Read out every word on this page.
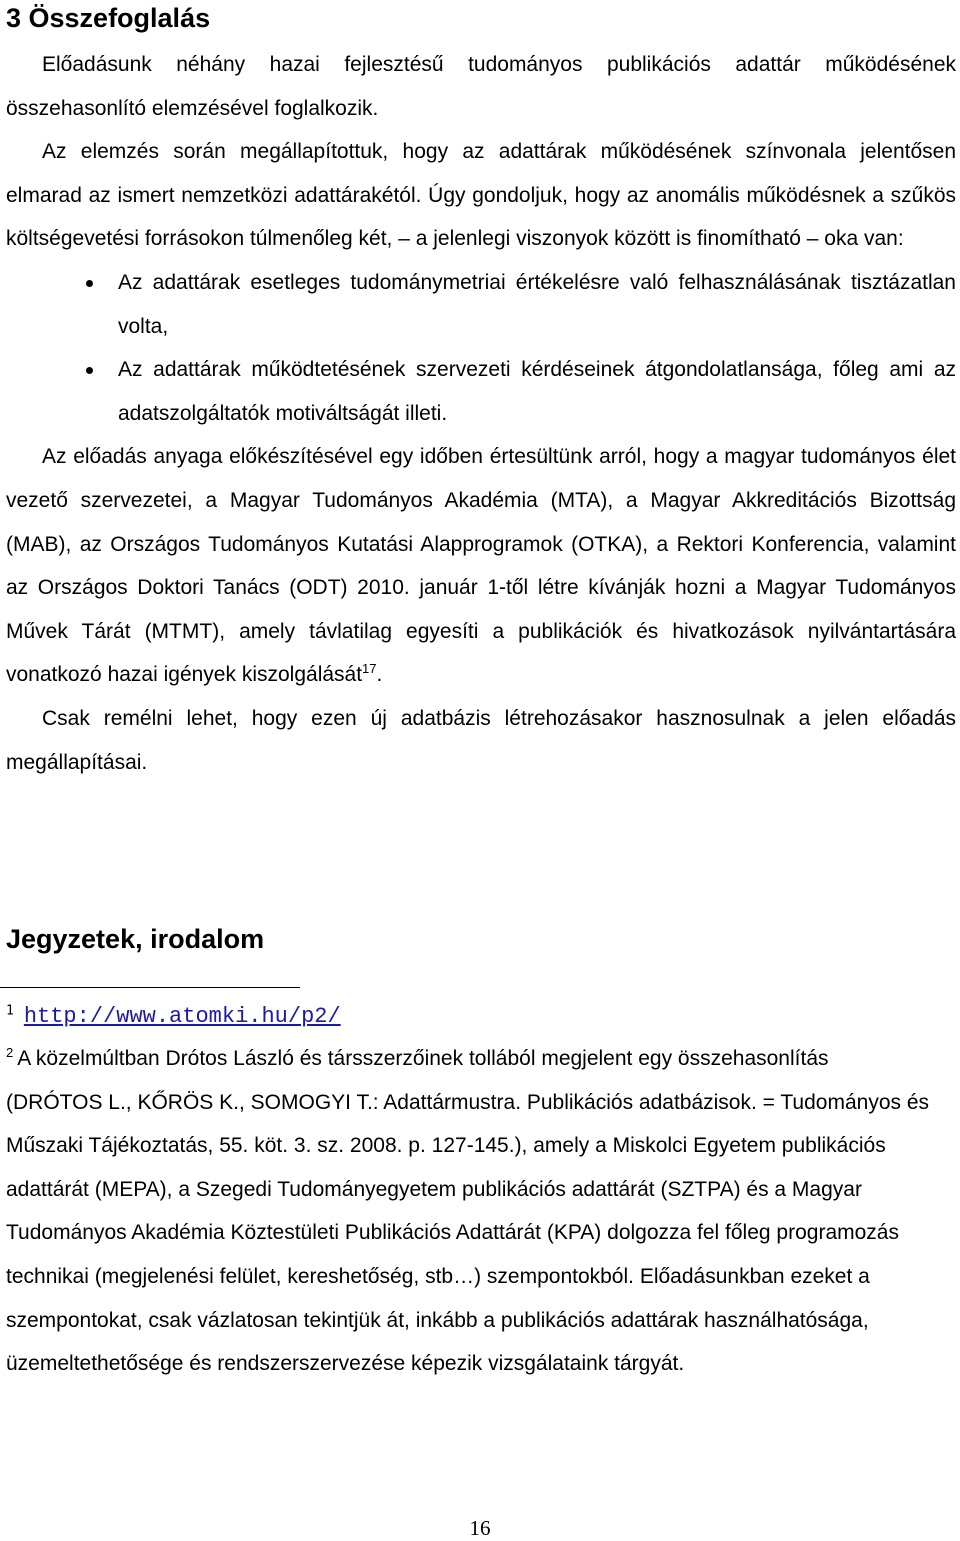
3 Összefoglalás

Előadásunk néhány hazai fejlesztésű tudományos publikációs adattár működésének összehasonlító elemzésével foglalkozik.

Az elemzés során megállapítottuk, hogy az adattárak működésének színvonala jelentősen elmarad az ismert nemzetközi adattárakétól. Úgy gondoljuk, hogy az anomális működésnek a szűkös költségevetési forrásokon túlmenőleg két, – a jelenlegi viszonyok között is finomítható – oka van:

Az adattárak esetleges tudománymetriai értékelésre való felhasználásának tisztázatlan volta,
Az adattárak működtetésének szervezeti kérdéseinek átgondolatlansága, főleg ami az adatszolgáltatók motiváltságát illeti.

Az előadás anyaga előkészítésével egy időben értesültünk arról, hogy a magyar tudományos élet vezető szervezetei, a Magyar Tudományos Akadémia (MTA), a Magyar Akkreditációs Bizottság (MAB), az Országos Tudományos Kutatási Alapprogramok (OTKA), a Rektori Konferencia, valamint az Országos Doktori Tanács (ODT) 2010. január 1-től létre kívánják hozni a Magyar Tudományos Művek Tárát (MTMT), amely távlatilag egyesíti a publikációk és hivatkozások nyilvántartására vonatkozó hazai igények kiszolgálását$^{17}$.

Csak remélni lehet, hogy ezen új adatbázis létrehozásakor hasznosulnak a jelen előadás megállapításai.

Jegyzetek, irodalom
$^1$ http://www.atomki.hu/p2/
$^2$ A közelmúltban Drótos László és társszerzőinek tollából megjelent egy összehasonlítás (DRÓTOS L., KŐRÖS K., SOMOGYI T.: Adattármustra. Publikációs adatbázisok. = Tudományos és Műszaki Tájékoztatás, 55. köt. 3. sz. 2008. p. 127-145.), amely a Miskolci Egyetem publikációs adattárát (MEPA), a Szegedi Tudományegyetem publikációs adattárát (SZTPA) és a Magyar Tudományos Akadémia Köztestületi Publikációs Adattárát (KPA) dolgozza fel főleg programozás technikai (megjelenési felület, kereshetőség, stb…) szempontokból. Előadásunkban ezeket a szempontokat, csak vázlatosan tekintjük át, inkább a publikációs adattárak használhatósága, üzemeltethetősége és rendszerszervezése képezik vizsgálataink tárgyát.
16
